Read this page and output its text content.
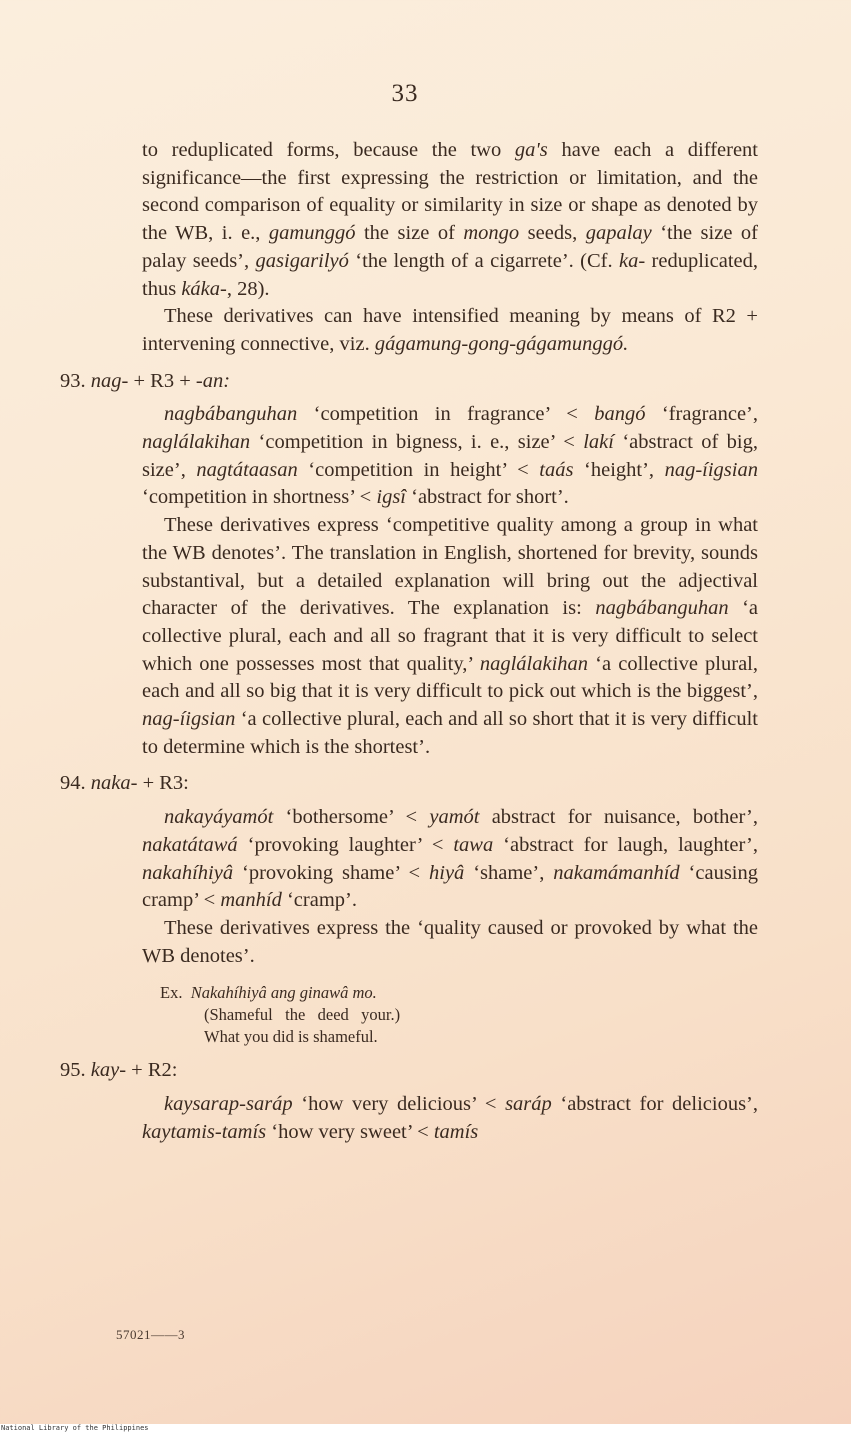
33

to reduplicated forms, because the two ga's have each a different significance—the first expressing the restriction or limitation, and the second comparison of equality or similarity in size or shape as denoted by the WB, i. e., gamunggó the size of mongo seeds, gapalay ‘the size of palay seeds’, gasigarilyó ‘the length of a cigarrete’. (Cf. ka- reduplicated, thus káka-, 28).

These derivatives can have intensified meaning by means of R2 + intervening connective, viz. gágamung-gong-gágamunggó.

93. nag- + R3 + -an:

nagbábanguhan ‘competition in fragrance’ < bangó ‘fragrance’, naglálakihan ‘competition in bigness, i. e., size’ < lakí ‘abstract of big, size’, nagtátaasan ‘competition in height’ < taás ‘height’, nag-íigsian ‘competition in shortness’ < igsî ‘abstract for short’.

These derivatives express ‘competitive quality among a group in what the WB denotes’. The translation in English, shortened for brevity, sounds substantival, but a detailed explanation will bring out the adjectival character of the derivatives. The explanation is: nagbábanguhan ‘a collective plural, each and all so fragrant that it is very difficult to select which one possesses most that quality,’ naglálakihan ‘a collective plural, each and all so big that it is very difficult to pick out which is the biggest’, nag-íigsian ‘a collective plural, each and all so short that it is very difficult to determine which is the shortest’.

94. naka- + R3:

nakayáyamót ‘bothersome’ < yamót abstract for nuisance, bother’, nakatátawá ‘provoking laughter’ < tawa ‘abstract for laugh, laughter’, nakahíhiyâ ‘provoking shame’ < hiyâ ‘shame’, nakamámanhíd ‘causing cramp’ < manhíd ‘cramp’.

These derivatives express the ‘quality caused or provoked by what the WB denotes’.

Ex. Nakahíhiyâ ang ginawâ mo.
(Shameful   the   deed   your.)
What you did is shameful.

95. kay- + R2:

kaysarap-saráp ‘how very delicious’ < saráp ‘abstract for delicious’, kaytamis-tamís ‘how very sweet’ < tamís

57021——3
National Library of the Philippines
